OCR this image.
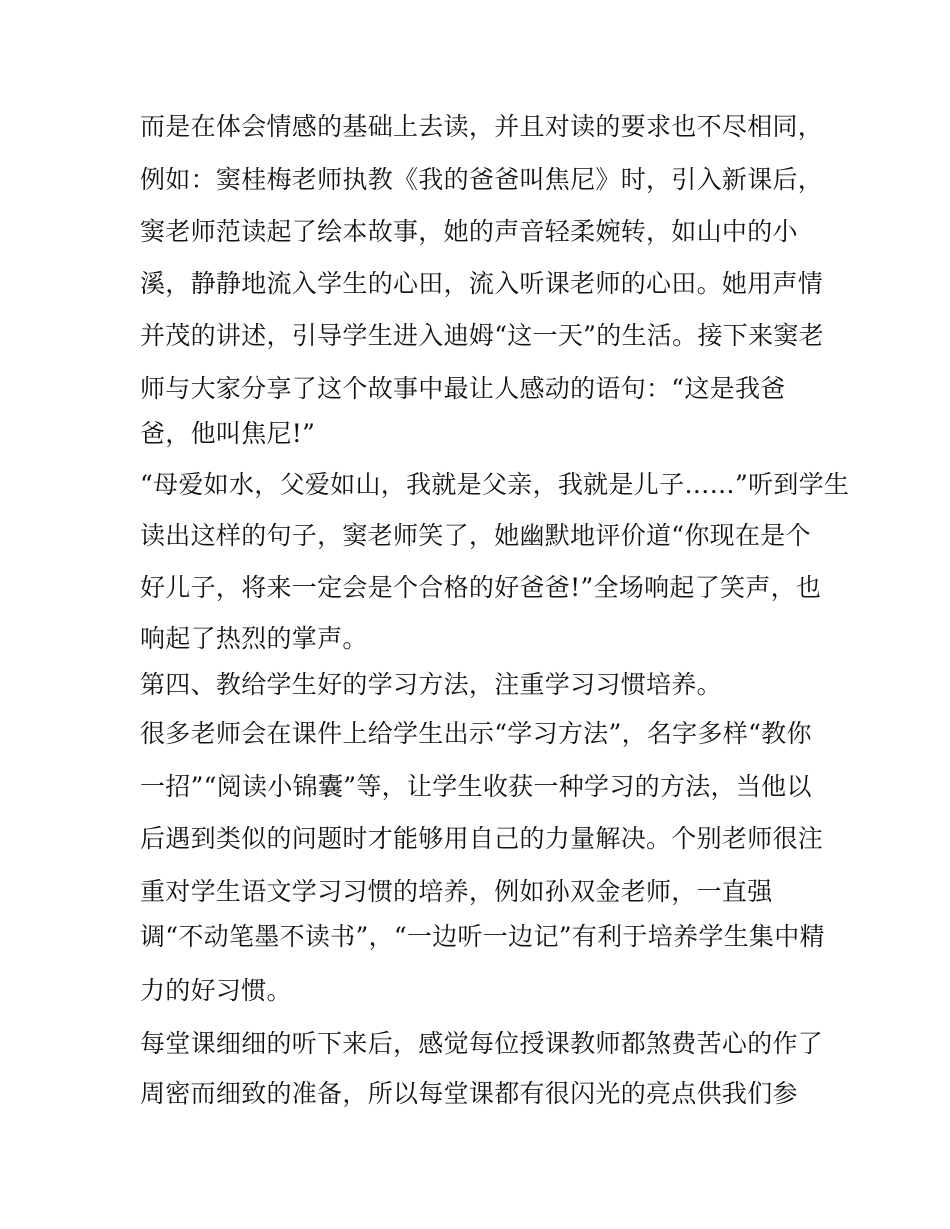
而是在体会情感的基础上去读，并且对读的要求也不尽相同，
例如：窦桂梅老师执教《我的爸爸叫焦尼》时，引入新课后，
窦老师范读起了绘本故事，她的声音轻柔婉转，如山中的小
溪，静静地流入学生的心田，流入听课老师的心田。她用声情
并茂的讲述，引导学生进入迪姆“这一天”的生活。接下来窦老
师与大家分享了这个故事中最让人感动的语句：“这是我爸
爸，他叫焦尼!”
“母爱如水，父爱如山，我就是父亲，我就是儿子……”听到学生
读出这样的句子，窦老师笑了，她幽默地评价道“你现在是个
好儿子，将来一定会是个合格的好爸爸!”全场响起了笑声，也
响起了热烈的掌声。
第四、教给学生好的学习方法，注重学习习惯培养。
很多老师会在课件上给学生出示“学习方法”，名字多样“教你
一招”“阅读小锦囊”等，让学生收获一种学习的方法，当他以
后遇到类似的问题时才能够用自己的力量解决。个别老师很注
重对学生语文学习习惯的培养，例如孙双金老师，一直强
调“不动笔墨不读书”，“一边听一边记”有利于培养学生集中精
力的好习惯。
每堂课细细的听下来后，感觉每位授课教师都煞费苦心的作了
周密而细致的准备，所以每堂课都有很闪光的亮点供我们参
